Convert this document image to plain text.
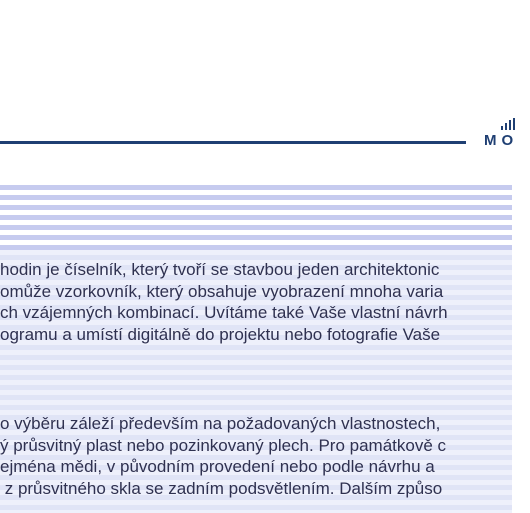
MO

hodin je číselník, který tvoří se stavbou jeden architektonic
omůže vzorkovník, který obsahuje vyobrazení mnoha varia
ch vzájemných kombinací. Uvítáme také Vaše vlastní návrh
ogramu a umístí digitálně do projektu nebo fotografie Vaše

o výběru záleží především na požadovaných vlastnostech,
ý průsvitný plast nebo pozinkovaný plech. Pro památkově c
ejména mědi, v původním provedení nebo podle návrhu a
z průsvitného skla se zadním podsvětlením. Dalším způso
